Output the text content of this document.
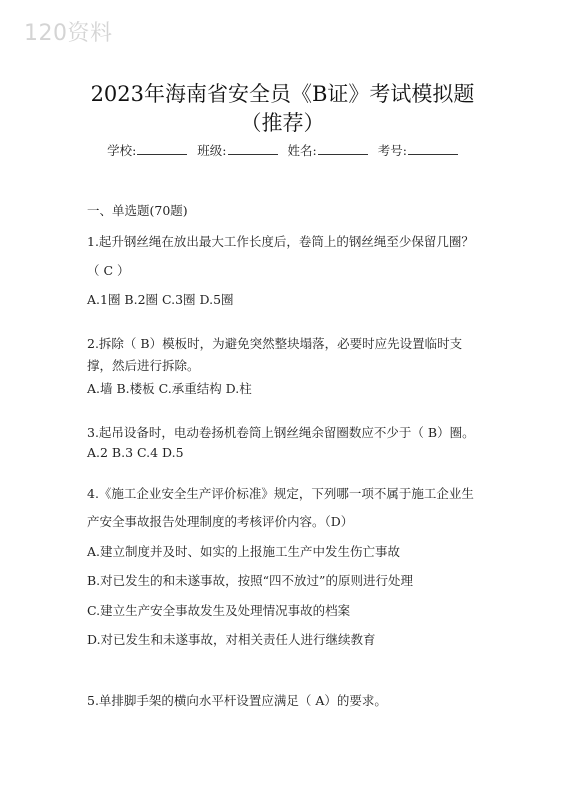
120资料
2023年海南省安全员《B证》考试模拟题
（推荐）
学校:	班级:	姓名:	考号:
一、单选题(70题)
1.起升钢丝绳在放出最大工作长度后，卷筒上的钢丝绳至少保留几圈？
（ C ）
A.1圈 B.2圈 C.3圈 D.5圈
2.拆除（ B）模板时，为避免突然整块塌落，必要时应先设置临时支
撑，然后进行拆除。
A.墙 B.楼板 C.承重结构 D.柱
3.起吊设备时，电动卷扬机卷筒上钢丝绳余留圈数应不少于（ B）圈。
A.2 B.3 C.4 D.5
4.《施工企业安全生产评价标准》规定，下列哪一项不属于施工企业生
产安全事故报告处理制度的考核评价内容。（D）
A.建立制度并及时、如实的上报施工生产中发生伤亡事故
B.对已发生的和未遂事故，按照“四不放过”的原则进行处理
C.建立生产安全事故发生及处理情况事故的档案
D.对已发生和未遂事故，对相关责任人进行继续教育
5.单排脚手架的横向水平杆设置应满足（ A）的要求。
